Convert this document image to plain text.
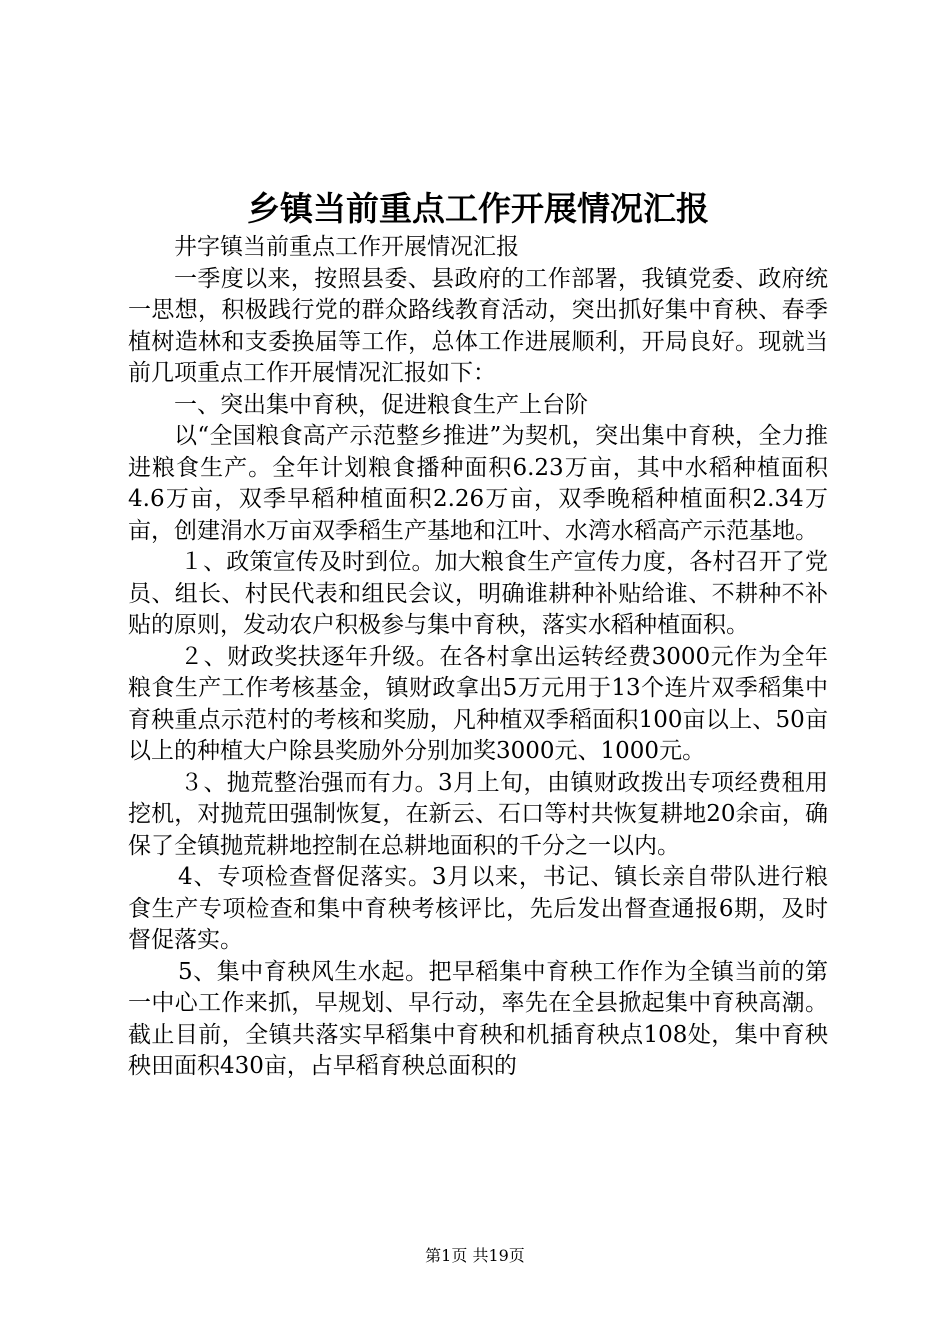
乡镇当前重点工作开展情况汇报

井字镇当前重点工作开展情况汇报

一季度以来，按照县委、县政府的工作部署，我镇党委、政府统一思想，积极践行党的群众路线教育活动，突出抓好集中育秧、春季植树造林和支委换届等工作，总体工作进展顺利，开局良好。现就当前几项重点工作开展情况汇报如下：

一、突出集中育秧，促进粮食生产上台阶

以“全国粮食高产示范整乡推进”为契机，突出集中育秧，全力推进粮食生产。全年计划粮食播种面积6.23万亩，其中水稻种植面积4.6万亩，双季早稻种植面积2.26万亩，双季晚稻种植面积2.34万亩，创建涓水万亩双季稻生产基地和江叶、水湾水稻高产示范基地。

１、政策宣传及时到位。加大粮食生产宣传力度，各村召开了党员、组长、村民代表和组民会议，明确谁耕种补贴给谁、不耕种不补贴的原则，发动农户积极参与集中育秧，落实水稻种植面积。

２、财政奖扶逐年升级。在各村拿出运转经费3000元作为全年粮食生产工作考核基金，镇财政拿出5万元用于13个连片双季稻集中育秧重点示范村的考核和奖励，凡种植双季稻面积100亩以上、50亩以上的种植大户除县奖励外分别加奖3000元、1000元。

３、抛荒整治强而有力。3月上旬，由镇财政拨出专项经费租用挖机，对抛荒田强制恢复，在新云、石口等村共恢复耕地20余亩，确保了全镇抛荒耕地控制在总耕地面积的千分之一以内。

4、专项检查督促落实。3月以来，书记、镇长亲自带队进行粮食生产专项检查和集中育秧考核评比，先后发出督查通报6期，及时督促落实。

5、集中育秧风生水起。把早稻集中育秧工作作为全镇当前的第一中心工作来抓，早规划、早行动，率先在全县掀起集中育秧高潮。截止目前，全镇共落实早稻集中育秧和机插育秧点108处，集中育秧秧田面积430亩，占早稻育秧总面积的

第1页 共19页
